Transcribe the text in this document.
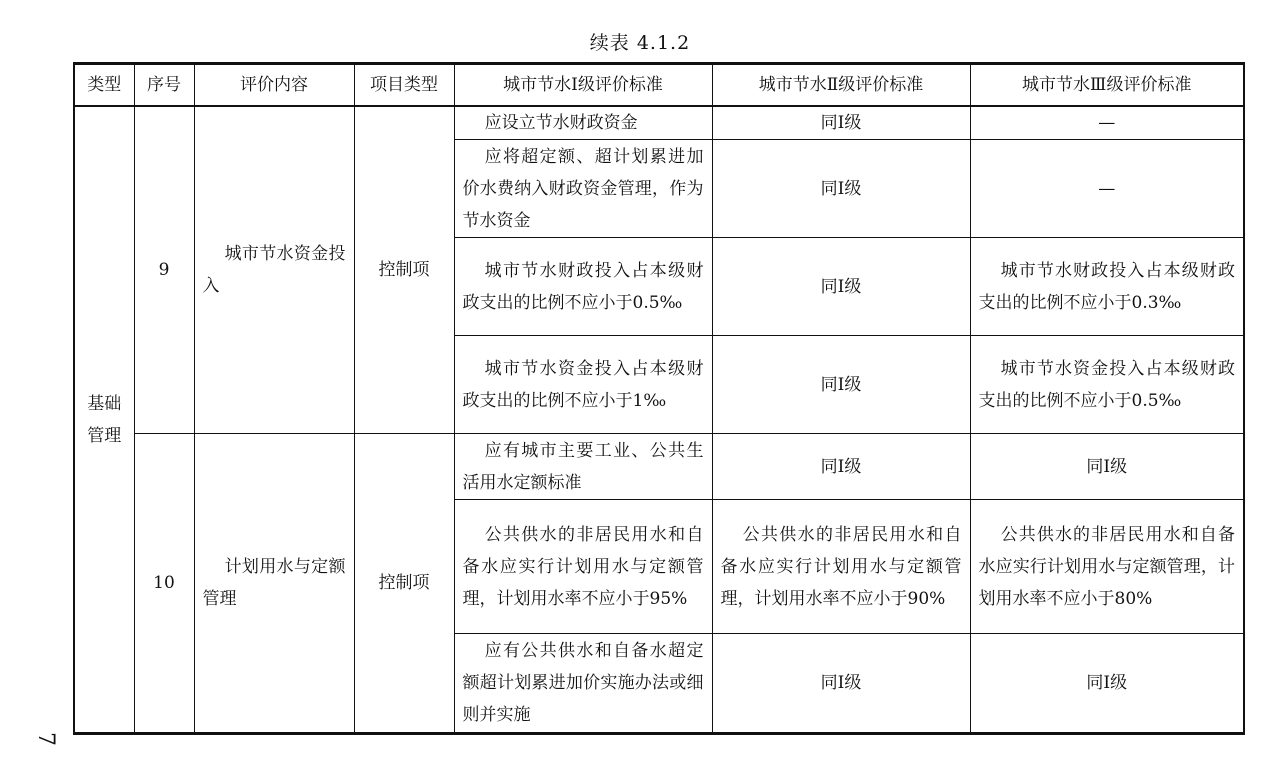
续表 4.1.2
7
类型	序号	评价内容	项目类型	城市节水Ⅰ级评价标准	城市节水Ⅱ级评价标准	城市节水Ⅲ级评价标准
基础管理	9	城市节水资金投入	控制项	应设立节水财政资金	同Ⅰ级	—
				应将超定额、超计划累进加价水费纳入财政资金管理，作为节水资金	同Ⅰ级	—
				城市节水财政投入占本级财政支出的比例不应小于0.5‰	同Ⅰ级	城市节水财政投入占本级财政支出的比例不应小于0.3‰
				城市节水资金投入占本级财政支出的比例不应小于1‰	同Ⅰ级	城市节水资金投入占本级财政支出的比例不应小于0.5‰
	10	计划用水与定额管理	控制项	应有城市主要工业、公共生活用水定额标准	同Ⅰ级	同Ⅰ级
				公共供水的非居民用水和自备水应实行计划用水与定额管理，计划用水率不应小于95%	公共供水的非居民用水和自备水应实行计划用水与定额管理，计划用水率不应小于90%	公共供水的非居民用水和自备水应实行计划用水与定额管理，计划用水率不应小于80%
				应有公共供水和自备水超定额超计划累进加价实施办法或细则并实施	同Ⅰ级	同Ⅰ级
